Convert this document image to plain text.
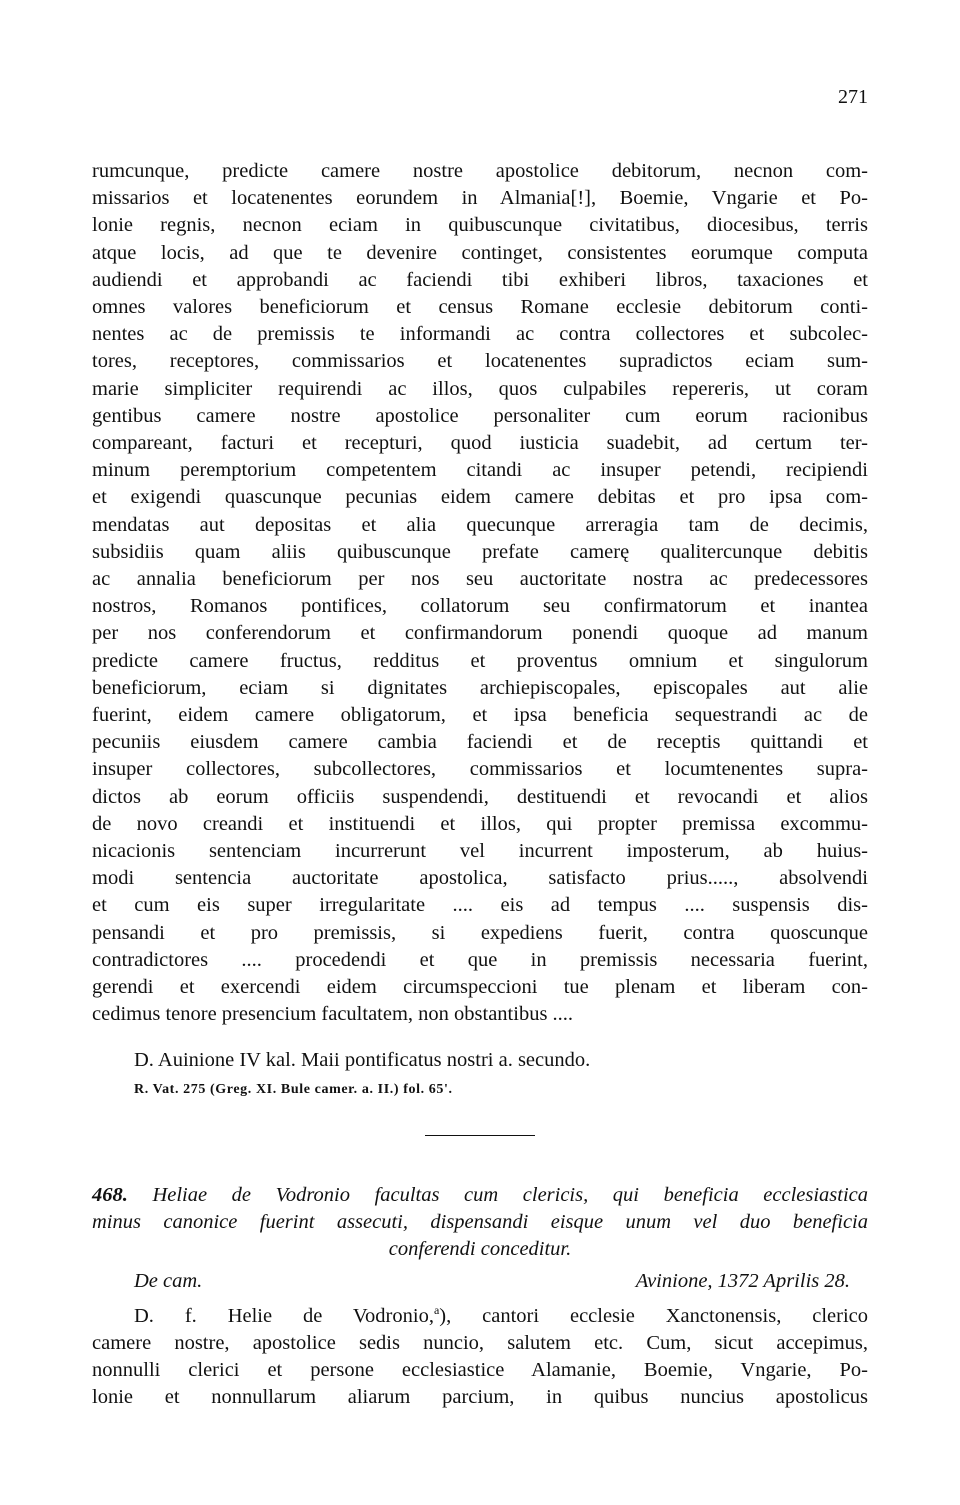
271
rumcunque, predicte camere nostre apostolice debitorum, necnon com-
missarios et locatenentes eorundem in Almania[!], Boemie, Vngarie et Po-
lonie regnis, necnon eciam in quibuscunque civitatibus, diocesibus, terris
atque locis, ad que te devenire continget, consistentes eorumque computa
audiendi et approbandi ac faciendi tibi exhiberi libros, taxaciones et
omnes valores beneficiorum et census Romane ecclesie debitorum conti-
nentes ac de premissis te informandi ac contra collectores et subcolec-
tores, receptores, commissarios et locatenentes supradictos eciam sum-
marie simpliciter requirendi ac illos, quos culpabiles repereris, ut coram
gentibus camere nostre apostolice personaliter cum eorum racionibus
compareant, facturi et recepturi, quod iusticia suadebit, ad certum ter-
minum peremptorium competentem citandi ac insuper petendi, recipiendi
et exigendi quascunque pecunias eidem camere debitas et pro ipsa com-
mendatas aut depositas et alia quecunque arreragia tam de decimis,
subsidiis quam aliis quibuscunque prefate camerę qualitercunque debitis
ac annalia beneficiorum per nos seu auctoritate nostra ac predecessores
nostros, Romanos pontifices, collatorum seu confirmatorum et inantea
per nos conferendorum et confirmandorum ponendi quoque ad manum
predicte camere fructus, redditus et proventus omnium et singulorum
beneficiorum, eciam si dignitates archiepiscopales, episcopales aut alie
fuerint, eidem camere obligatorum, et ipsa beneficia sequestrandi ac de
pecuniis eiusdem camere cambia faciendi et de receptis quittandi et
insuper collectores, subcollectores, commissarios et locumtenentes supra-
dictos ab eorum officiis suspendendi, destituendi et revocandi et alios
de novo creandi et instituendi et illos, qui propter premissa excommu-
nicacionis sentenciam incurrerunt vel incurrent imposterum, ab huius-
modi sentencia auctoritate apostolica, satisfacto prius....., absolvendi
et cum eis super irregularitate .... eis ad tempus .... suspensis dis-
pensandi et pro premissis, si expediens fuerit, contra quoscunque
contradictores .... procedendi et que in premissis necessaria fuerint,
gerendi et exercendi eidem circumspeccioni tue plenam et liberam con-
cedimus tenore presencium facultatem, non obstantibus ....
D. Auinione IV kal. Maii pontificatus nostri a. secundo.
R. Vat. 275 (Greg. XI. Bule camer. a. II.) fol. 65'.
468. Heliae de Vodronio facultas cum clericis, qui beneficia ecclesiastica
minus canonice fuerint assecuti, dispensandi eisque unum vel duo beneficia
conferendi conceditur.
De cam.	Avinione, 1372 Aprilis 28.
D. f. Helie de Vodronio,$^a$), cantori ecclesie Xanctonensis, clerico
camere nostre, apostolice sedis nuncio, salutem etc. Cum, sicut accepimus,
nonnulli clerici et persone ecclesiastice Alamanie, Boemie, Vngarie, Po-
lonie et nonnullarum aliarum parcium, in quibus nuncius apostolicus
